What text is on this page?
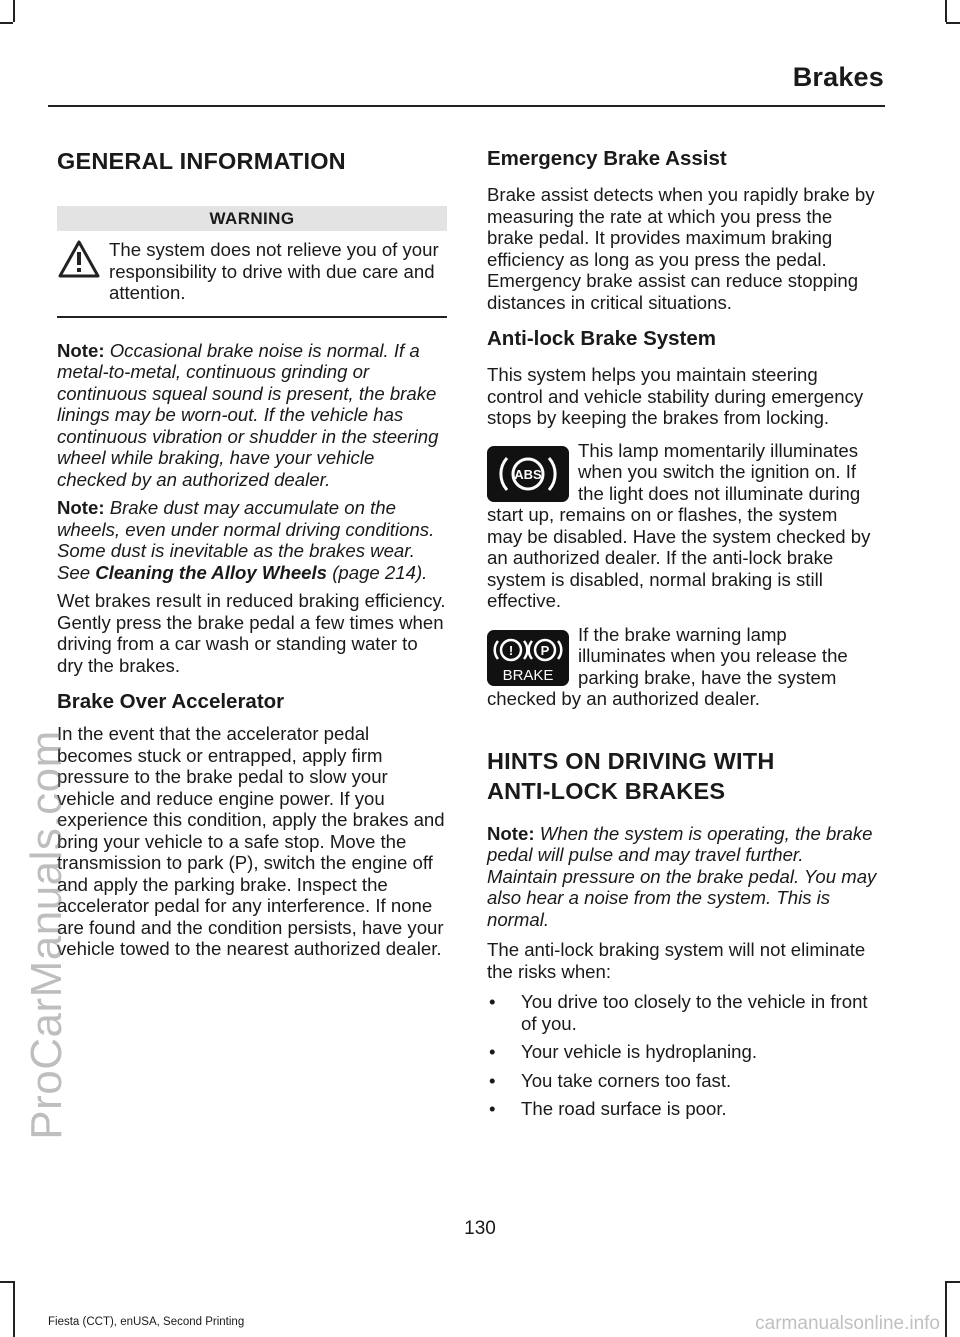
Brakes
GENERAL INFORMATION
WARNING

The system does not relieve you of your responsibility to drive with due care and attention.

Note: Occasional brake noise is normal. If a metal-to-metal, continuous grinding or continuous squeal sound is present, the brake linings may be worn-out. If the vehicle has continuous vibration or shudder in the steering wheel while braking, have your vehicle checked by an authorized dealer.

Note: Brake dust may accumulate on the wheels, even under normal driving conditions. Some dust is inevitable as the brakes wear. See Cleaning the Alloy Wheels (page 214).

Wet brakes result in reduced braking efficiency. Gently press the brake pedal a few times when driving from a car wash or standing water to dry the brakes.

Brake Over Accelerator

In the event that the accelerator pedal becomes stuck or entrapped, apply firm pressure to the brake pedal to slow your vehicle and reduce engine power. If you experience this condition, apply the brakes and bring your vehicle to a safe stop. Move the transmission to park (P), switch the engine off and apply the parking brake. Inspect the accelerator pedal for any interference. If none are found and the condition persists, have your vehicle towed to the nearest authorized dealer.

Emergency Brake Assist

Brake assist detects when you rapidly brake by measuring the rate at which you press the brake pedal. It provides maximum braking efficiency as long as you press the pedal. Emergency brake assist can reduce stopping distances in critical situations.

Anti-lock Brake System

This system helps you maintain steering control and vehicle stability during emergency stops by keeping the brakes from locking.

ABS

This lamp momentarily illuminates when you switch the ignition on. If the light does not illuminate during start up, remains on or flashes, the system may be disabled. Have the system checked by an authorized dealer. If the anti-lock brake system is disabled, normal braking is still effective.

! P
BRAKE

If the brake warning lamp illuminates when you release the parking brake, have the system checked by an authorized dealer.

HINTS ON DRIVING WITH
ANTI-LOCK BRAKES

Note: When the system is operating, the brake pedal will pulse and may travel further. Maintain pressure on the brake pedal. You may also hear a noise from the system. This is normal.

The anti-lock braking system will not eliminate the risks when:

• You drive too closely to the vehicle in front of you.
• Your vehicle is hydroplaning.
• You take corners too fast.
• The road surface is poor.
130
Fiesta (CCT), enUSA, Second Printing
ProCarManuals.com
carmanualsonline.info
